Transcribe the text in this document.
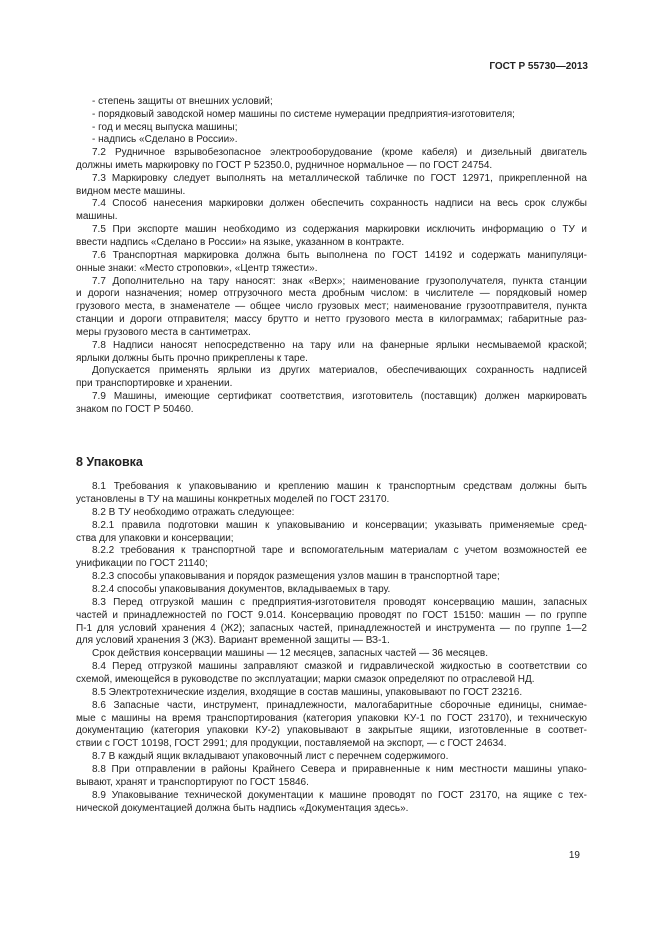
ГОСТ Р 55730—2013
- степень защиты от внешних условий;
- порядковый заводской номер машины по системе нумерации предприятия-изготовителя;
- год и месяц выпуска машины;
- надпись «Сделано в России».
7.2 Рудничное взрывобезопасное электрооборудование (кроме кабеля) и дизельный двигатель
должны иметь маркировку по ГОСТ Р 52350.0, рудничное нормальное — по ГОСТ 24754.
7.3 Маркировку следует выполнять на металлической табличке по ГОСТ 12971, прикрепленной на
видном месте машины.
7.4 Способ нанесения маркировки должен обеспечить сохранность надписи на весь срок службы
машины.
7.5 При экспорте машин необходимо из содержания маркировки исключить информацию о ТУ и
ввести надпись «Сделано в России» на языке, указанном в контракте.
7.6 Транспортная маркировка должна быть выполнена по ГОСТ 14192 и содержать манипуляци-
онные знаки: «Место строповки», «Центр тяжести».
7.7 Дополнительно на тару наносят: знак «Верх»; наименование грузополучателя, пункта станции
и дороги назначения; номер отгрузочного места дробным числом: в числителе — порядковый номер
грузового места, в знаменателе — общее число грузовых мест; наименование грузоотправителя, пункта
станции и дороги отправителя; массу брутто и нетто грузового места в килограммах; габаритные раз-
меры грузового места в сантиметрах.
7.8 Надписи наносят непосредственно на тару или на фанерные ярлыки несмываемой краской;
ярлыки должны быть прочно прикреплены к таре.
Допускается применять ярлыки из других материалов, обеспечивающих сохранность надписей
при транспортировке и хранении.
7.9 Машины, имеющие сертификат соответствия, изготовитель (поставщик) должен маркировать
знаком по ГОСТ Р 50460.
8 Упаковка
8.1 Требования к упаковыванию и креплению машин к транспортным средствам должны быть
установлены в ТУ на машины конкретных моделей по ГОСТ 23170.
8.2 В ТУ необходимо отражать следующее:
8.2.1 правила подготовки машин к упаковыванию и консервации; указывать применяемые сред-
ства для упаковки и консервации;
8.2.2 требования к транспортной таре и вспомогательным материалам с учетом возможностей ее
унификации по ГОСТ 21140;
8.2.3 способы упаковывания и порядок размещения узлов машин в транспортной таре;
8.2.4 способы упаковывания документов, вкладываемых в тару.
8.3 Перед отгрузкой машин с предприятия-изготовителя проводят консервацию машин, запасных
частей и принадлежностей по ГОСТ 9.014. Консервацию проводят по ГОСТ 15150: машин — по группе
П-1 для условий хранения 4 (Ж2); запасных частей, принадлежностей и инструмента — по группе 1—2
для условий хранения 3 (ЖЗ). Вариант временной защиты — ВЗ-1.
Срок действия консервации машины — 12 месяцев, запасных частей — 36 месяцев.
8.4 Перед отгрузкой машины заправляют смазкой и гидравлической жидкостью в соответствии со
схемой, имеющейся в руководстве по эксплуатации; марки смазок определяют по отраслевой НД.
8.5 Электротехнические изделия, входящие в состав машины, упаковывают по ГОСТ 23216.
8.6 Запасные части, инструмент, принадлежности, малогабаритные сборочные единицы, снимае-
мые с машины на время транспортирования (категория упаковки КУ-1 по ГОСТ 23170), и техническую
документацию (категория упаковки КУ-2) упаковывают в закрытые ящики, изготовленные в соответ-
ствии с ГОСТ 10198, ГОСТ 2991; для продукции, поставляемой на экспорт, — с ГОСТ 24634.
8.7 В каждый ящик вкладывают упаковочный лист с перечнем содержимого.
8.8 При отправлении в районы Крайнего Севера и приравненные к ним местности машины упако-
вывают, хранят и транспортируют по ГОСТ 15846.
8.9 Упаковывание технической документации к машине проводят по ГОСТ 23170, на ящике с тех-
нической документацией должна быть надпись «Документация здесь».
19
